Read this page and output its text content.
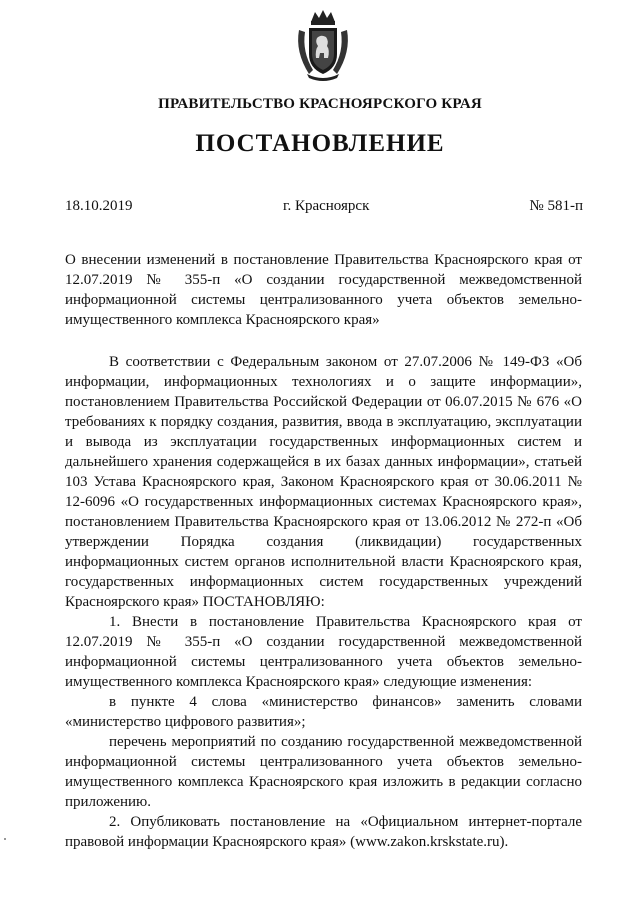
ПРАВИТЕЛЬСТВО КРАСНОЯРСКОГО КРАЯ
ПОСТАНОВЛЕНИЕ
18.10.2019	г. Красноярск	№ 581-п
О внесении изменений в постановление Правительства Красноярского края от 12.07.2019 № 355-п «О создании государственной межведомственной информационной системы централизованного учета объектов земельно-имущественного комплекса Красноярского края»

В соответствии с Федеральным законом от 27.07.2006 № 149-ФЗ «Об информации, информационных технологиях и о защите информации», постановлением Правительства Российской Федерации от 06.07.2015 № 676 «О требованиях к порядку создания, развития, ввода в эксплуатацию, эксплуатации и вывода из эксплуатации государственных информационных систем и дальнейшего хранения содержащейся в их базах данных информации», статьей 103 Устава Красноярского края, Законом Красноярского края от 30.06.2011 № 12-6096 «О государственных информационных системах Красноярского края», постановлением Правительства Красноярского края от 13.06.2012 № 272-п «Об утверждении Порядка создания (ликвидации) государственных информационных систем органов исполнительной власти Красноярского края, государственных информационных систем государственных учреждений Красноярского края» ПОСТАНОВЛЯЮ:

1. Внести в постановление Правительства Красноярского края от 12.07.2019 № 355-п «О создании государственной межведомственной информационной системы централизованного учета объектов земельно-имущественного комплекса Красноярского края» следующие изменения:

в пункте 4 слова «министерство финансов» заменить словами «министерство цифрового развития»;

перечень мероприятий по созданию государственной межведомственной информационной системы централизованного учета объектов земельно-имущественного комплекса Красноярского края изложить в редакции согласно приложению.

2. Опубликовать постановление на «Официальном интернет-портале правовой информации Красноярского края» (www.zakon.krskstate.ru).
